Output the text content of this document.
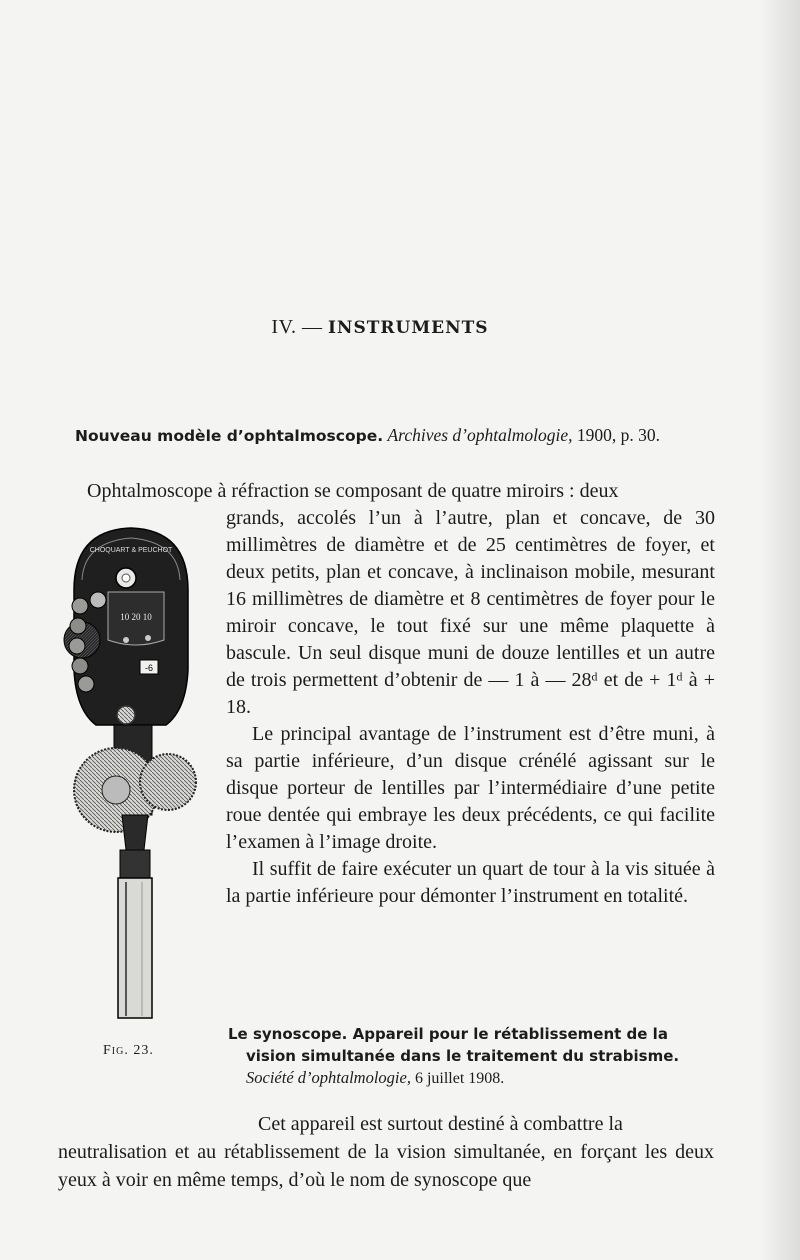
IV. — INSTRUMENTS
Nouveau modèle d’ophtalmoscope. Archives d’ophtalmologie, 1900, p. 30.
Ophtalmoscope à réfraction se composant de quatre miroirs : deux

grands, accolés l’un à l’autre, plan et concave, de 30 millimètres de diamètre et de 25 centimètres de foyer, et deux petits, plan et concave, à inclinaison mobile, mesurant 16 millimètres de diamètre et 8 centimètres de foyer pour le miroir concave, le tout fixé sur une même plaquette à bascule. Un seul disque muni de douze lentilles et un autre de trois permettent d’obtenir de — 1 à — 28ᵈ et de + 1ᵈ à + 18.

Le principal avantage de l’instrument est d’être muni, à sa partie inférieure, d’un disque crénélé agissant sur le disque porteur de lentilles par l’intermédiaire d’une petite roue dentée qui embraye les deux précédents, ce qui facilite l’examen à l’image droite.

Il suffit de faire exécuter un quart de tour à la vis située à la partie inférieure pour démonter l’instrument en totalité.

CHOQUART & PEUCHOT
10 20 10
-6
Fig. 23.
Le synoscope. Appareil pour le rétablissement de la
vision simultanée dans le traitement du strabisme.
Société d’ophtalmologie, 6 juillet 1908.
Cet appareil est surtout destiné à combattre la
neutralisation et au rétablissement de la vision simultanée, en forçant les deux yeux à voir en même temps, d’où le nom de synoscope que
